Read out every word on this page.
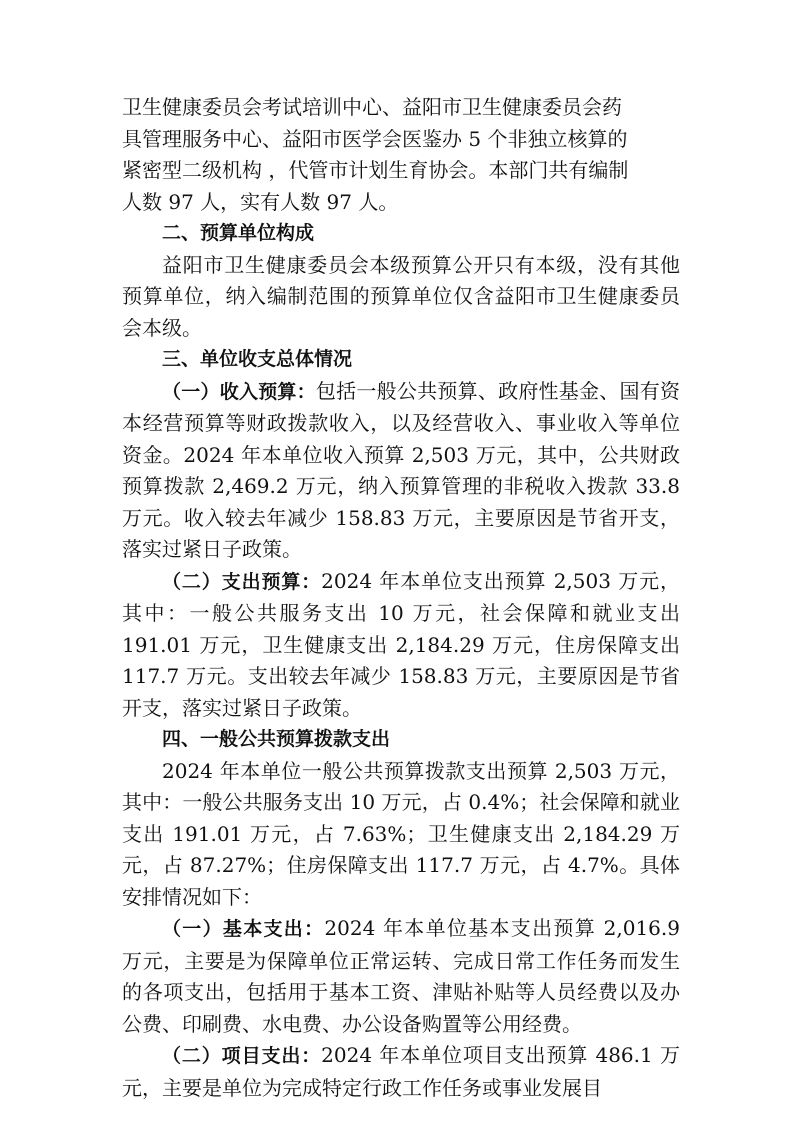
卫生健康委员会考试培训中心、益阳市卫生健康委员会药
具管理服务中心、益阳市医学会医鉴办 5 个非独立核算的
紧密型二级机构 ，代管市计划生育协会。本部门共有编制
人数 97 人，实有人数 97 人。

二、预算单位构成

益阳市卫生健康委员会本级预算公开只有本级，没有其他预算单位，纳入编制范围的预算单位仅含益阳市卫生健康委员会本级。

三、单位收支总体情况

（一）收入预算：包括一般公共预算、政府性基金、国有资本经营预算等财政拨款收入，以及经营收入、事业收入等单位资金。2024 年本单位收入预算 2,503 万元，其中，公共财政预算拨款 2,469.2 万元，纳入预算管理的非税收入拨款 33.8 万元。收入较去年减少 158.83 万元，主要原因是节省开支，落实过紧日子政策。

（二）支出预算：2024 年本单位支出预算 2,503 万元，其中：一般公共服务支出 10 万元，社会保障和就业支出 191.01 万元，卫生健康支出 2,184.29 万元，住房保障支出 117.7 万元。支出较去年减少 158.83 万元，主要原因是节省开支，落实过紧日子政策。

四、一般公共预算拨款支出

2024 年本单位一般公共预算拨款支出预算 2,503 万元，其中：一般公共服务支出 10 万元，占 0.4%；社会保障和就业支出 191.01 万元，占 7.63%；卫生健康支出 2,184.29 万元，占 87.27%；住房保障支出 117.7 万元，占 4.7%。具体安排情况如下：

（一）基本支出：2024 年本单位基本支出预算 2,016.9 万元，主要是为保障单位正常运转、完成日常工作任务而发生的各项支出，包括用于基本工资、津贴补贴等人员经费以及办公费、印刷费、水电费、办公设备购置等公用经费。

（二）项目支出：2024 年本单位项目支出预算 486.1 万元，主要是单位为完成特定行政工作任务或事业发展目
